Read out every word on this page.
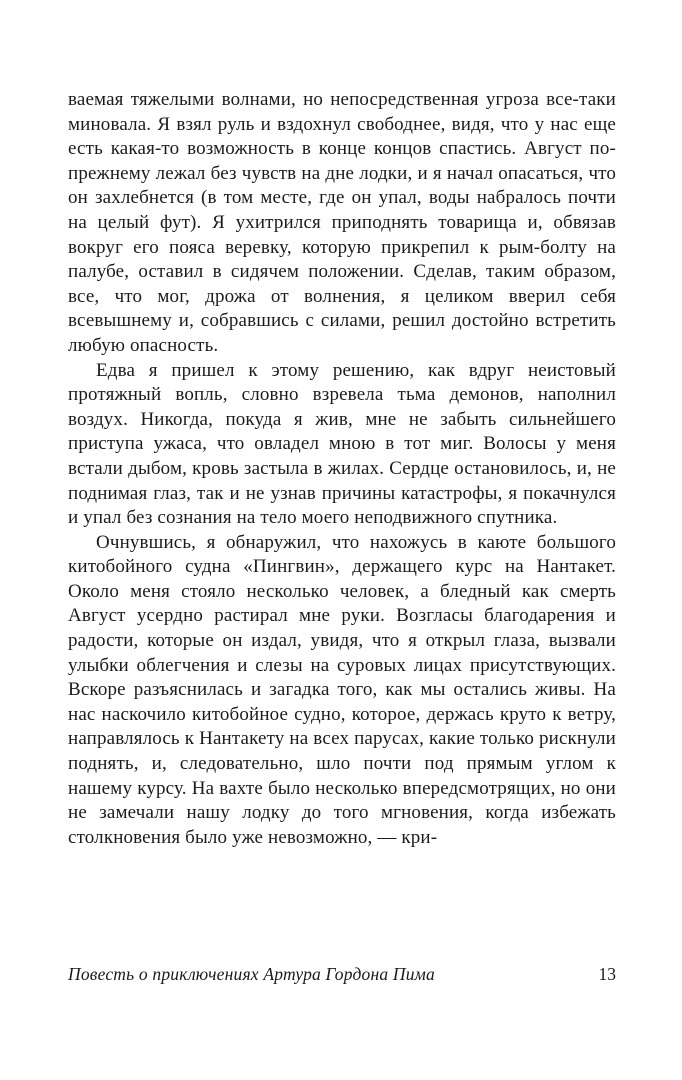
ваемая тяжелыми волнами, но непосредственная угроза все-таки миновала. Я взял руль и вздохнул свободнее, видя, что у нас еще есть какая-то возможность в конце концов спастись. Август по-прежнему лежал без чувств на дне лодки, и я начал опасаться, что он захлебнется (в том месте, где он упал, воды набралось почти на целый фут). Я ухитрился приподнять товарища и, обвязав вокруг его пояса веревку, которую прикрепил к рым-болту на палубе, оставил в сидячем положении. Сделав, таким образом, все, что мог, дрожа от волнения, я целиком вверил себя всевышнему и, собравшись с силами, решил достойно встретить любую опасность.

Едва я пришел к этому решению, как вдруг неистовый протяжный вопль, словно взревела тьма демонов, наполнил воздух. Никогда, покуда я жив, мне не забыть сильнейшего приступа ужаса, что овладел мною в тот миг. Волосы у меня встали дыбом, кровь застыла в жилах. Сердце остановилось, и, не поднимая глаз, так и не узнав причины катастрофы, я покачнулся и упал без сознания на тело моего неподвижного спутника.

Очнувшись, я обнаружил, что нахожусь в каюте большого китобойного судна «Пингвин», держащего курс на Нантакет. Около меня стояло несколько человек, а бледный как смерть Август усердно растирал мне руки. Возгласы благодарения и радости, которые он издал, увидя, что я открыл глаза, вызвали улыбки облегчения и слезы на суровых лицах присутствующих. Вскоре разъяснилась и загадка того, как мы остались живы. На нас наскочило китобойное судно, которое, держась круто к ветру, направлялось к Нантакету на всех парусах, какие только рискнули поднять, и, следовательно, шло почти под прямым углом к нашему курсу. На вахте было несколько впередсмотрящих, но они не замечали нашу лодку до того мгновения, когда избежать столкновения было уже невозможно, — кри-

Повесть о приключениях Артура Гордона Пима	13
